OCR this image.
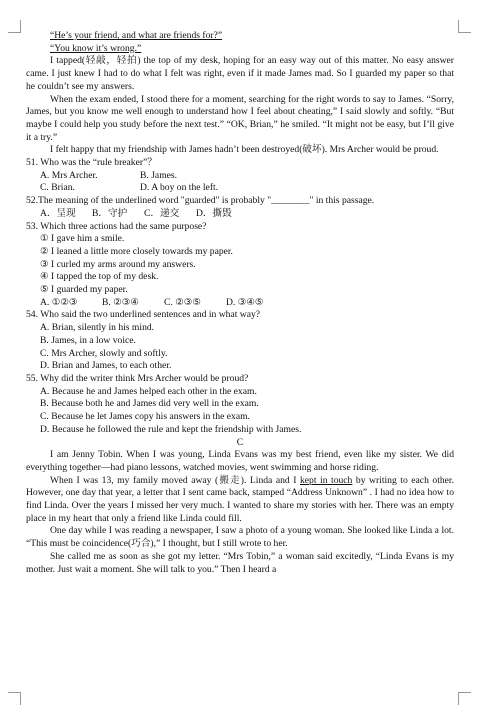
“He’s your friend, and what are friends for?”

“You know it’s wrong.”

I tapped(轻敲，轻拍) the top of my desk, hoping for an easy way out of this matter. No easy answer came. I just knew I had to do what I felt was right, even if it made James mad. So I guarded my paper so that he couldn’t see my answers.

When the exam ended, I stood there for a moment, searching for the right words to say to James. “Sorry, James, but you know me well enough to understand how I feel about cheating,” I said slowly and softly. “But maybe I could help you study before the next test.” “OK, Brian,” he smiled. “It might not be easy, but I’ll give it a try.”

I felt happy that my friendship with James hadn’t been destroyed(破坏). Mrs Archer would be proud.

51. Who was the “rule breaker”？

A. Mrs Archer.	B. James.
C. Brian.	D. A boy on the left.

52.The meaning of the underlined word "guarded" is probably "________" in this passage.

A．呈现	B．守护	C．递交	D．撕毁

53. Which three actions had the same purpose?

① I gave him a smile.

② I leaned a little more closely towards my paper.

③ I curled my arms around my answers.

④ I tapped the top of my desk.

⑤ I guarded my paper.

A. ①②③	B. ②③④	C. ②③⑤	D. ③④⑤

54. Who said the two underlined sentences and in what way?

A. Brian, silently in his mind.

B. James, in a low voice.

C. Mrs Archer, slowly and softly.

D. Brian and James, to each other.

55. Why did the writer think Mrs Archer would be proud?

A. Because he and James helped each other in the exam.

B. Because both he and James did very well in the exam.

C. Because he let James copy his answers in the exam.

D. Because he followed the rule and kept the friendship with James.

C

I am Jenny Tobin. When I was young, Linda Evans was my best friend, even like my sister. We did everything together—had piano lessons, watched movies, went swimming and horse riding.

When I was 13, my family moved away (搬走). Linda and I kept in touch by writing to each other. However, one day that year, a letter that I sent came back, stamped “Address Unknown” . I had no idea how to find Linda. Over the years I missed her very much. I wanted to share my stories with her. There was an empty place in my heart that only a friend like Linda could fill.

One day while I was reading a newspaper, I saw a photo of a young woman. She looked like Linda a lot. “This must be coincidence(巧合),” I thought, but I still wrote to her.

She called me as soon as she got my letter. “Mrs Tobin,” a woman said excitedly, “Linda Evans is my mother. Just wait a moment. She will talk to you.” Then I heard a
